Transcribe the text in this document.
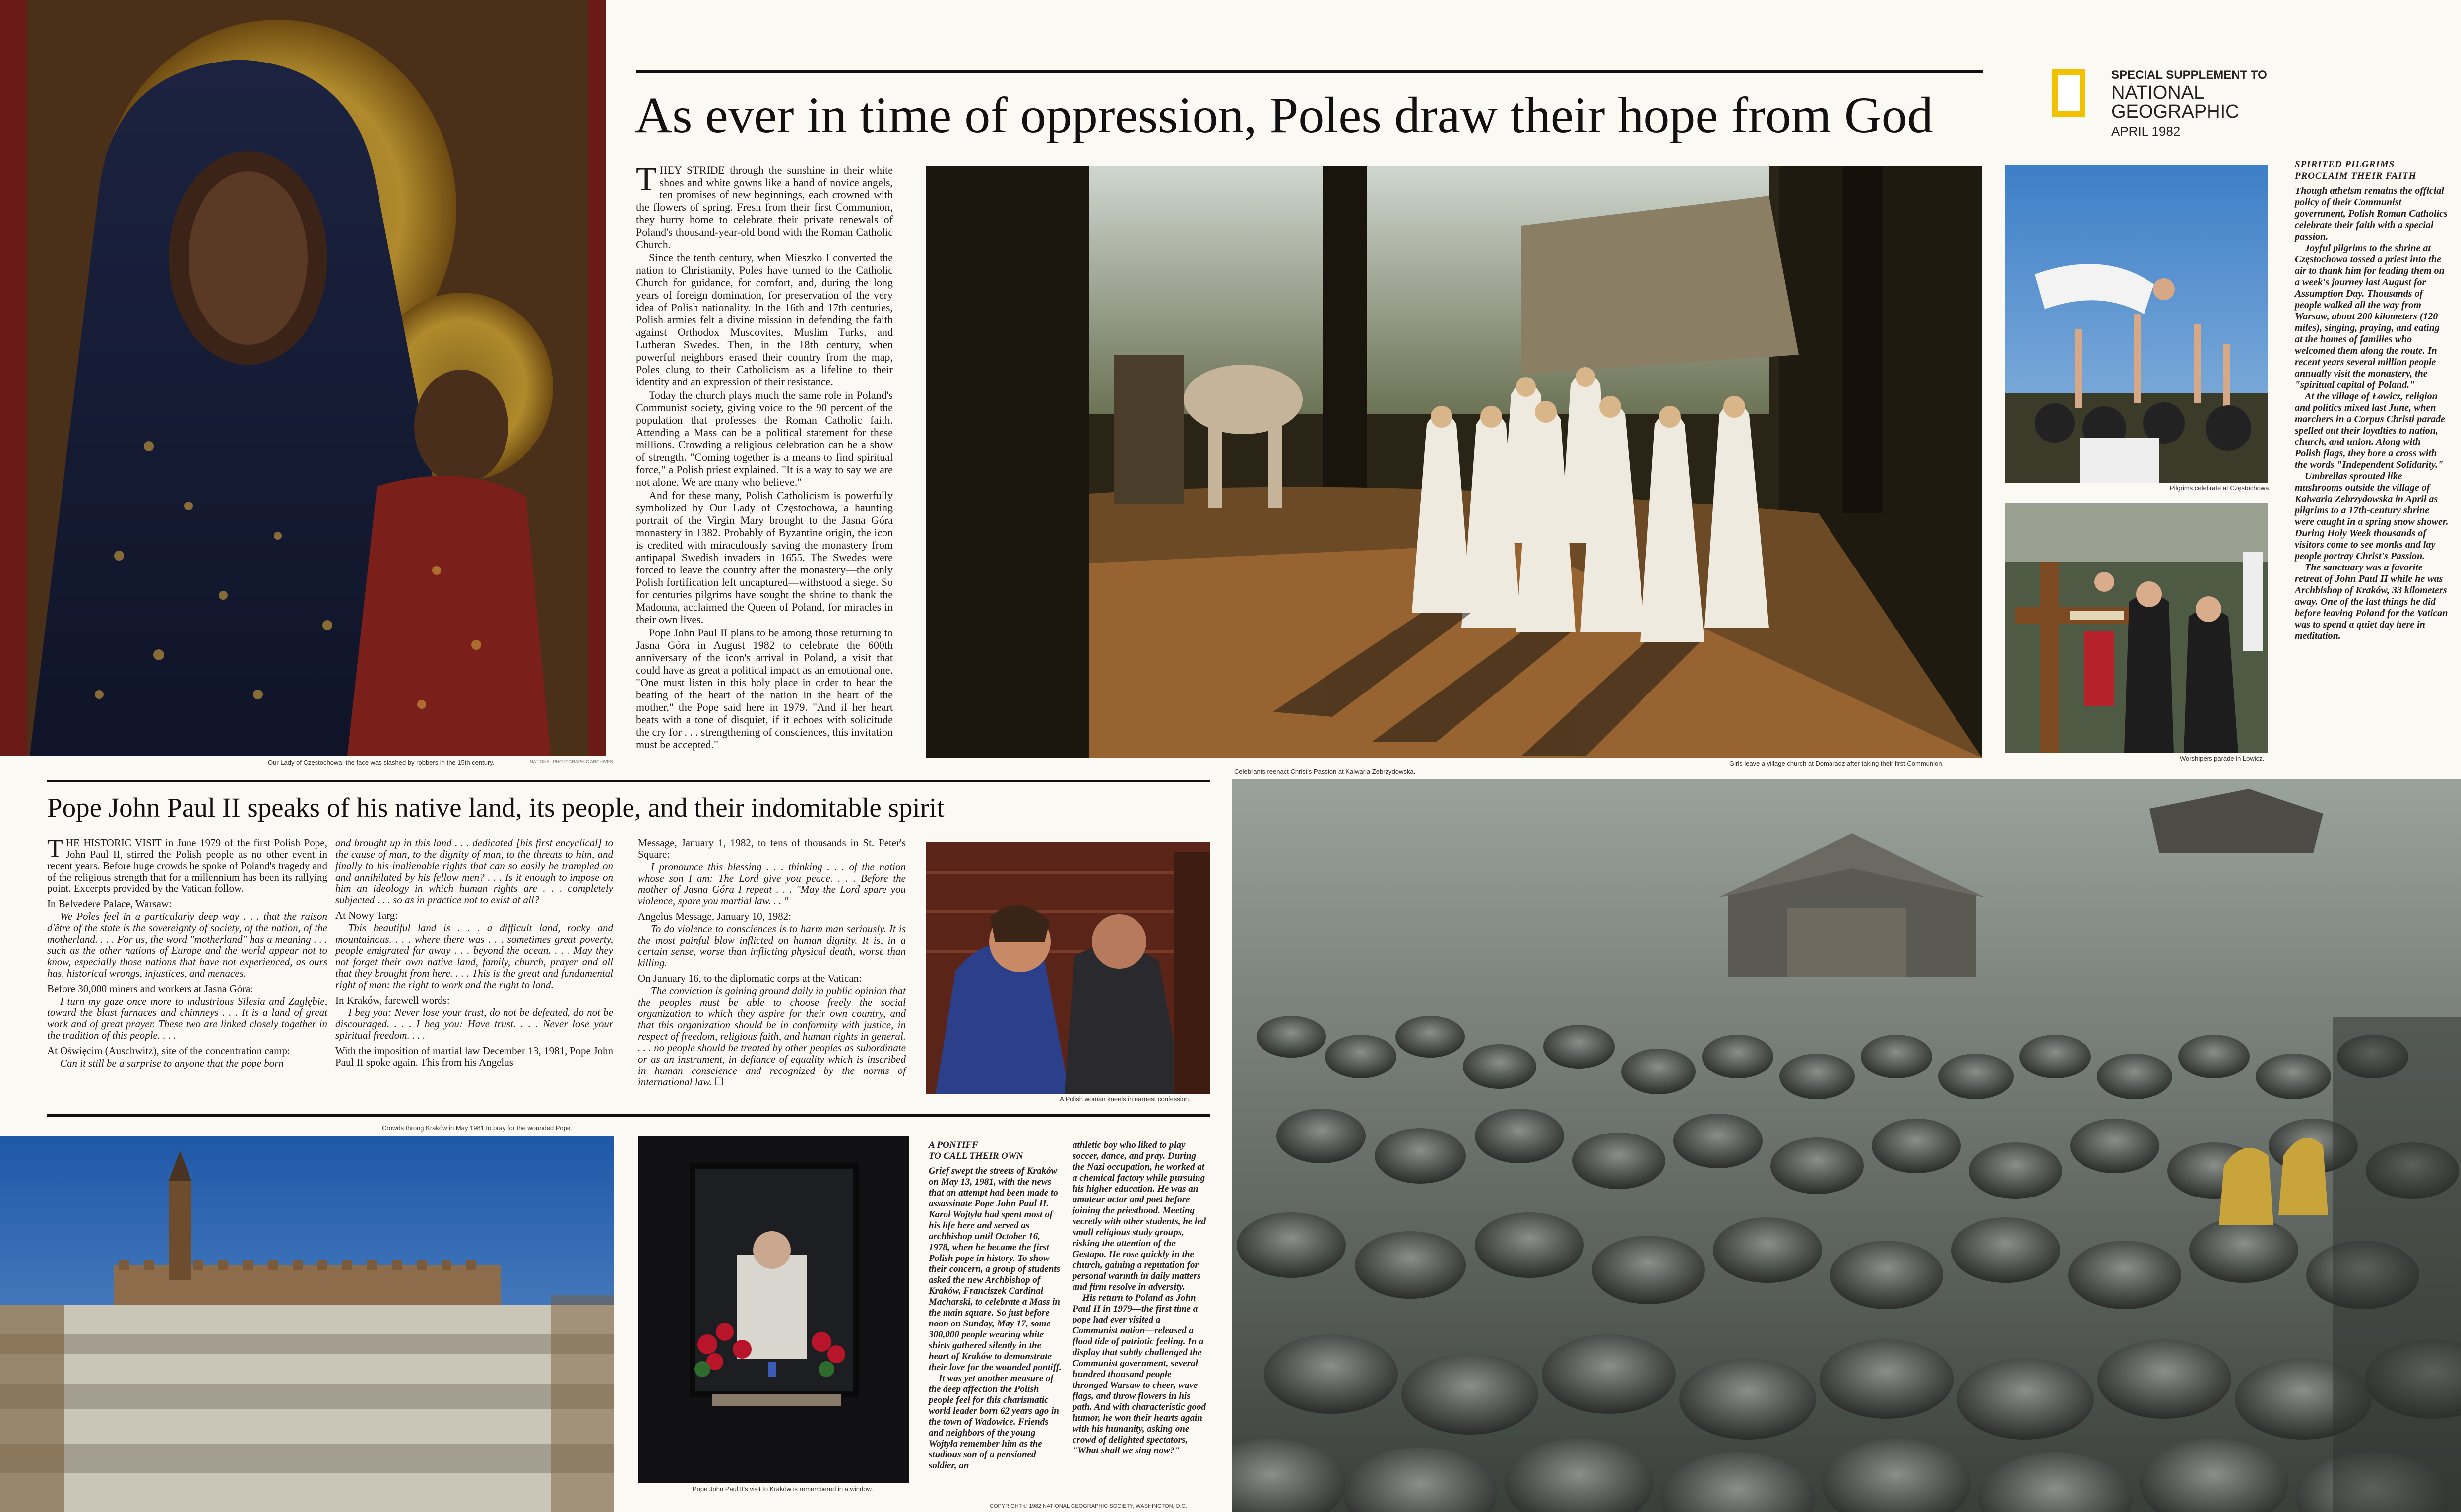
Our Lady of Częstochowa; the face was slashed by robbers in the 15th century.	NATIONAL PHOTOGRAPHIC ARCHIVES
As ever in time of oppression, Poles draw their hope from God

THEY STRIDE through the sunshine in their white shoes and white gowns like a band of novice angels, ten promises of new beginnings, each crowned with the flowers of spring. Fresh from their first Communion, they hurry home to celebrate their private renewals of Poland's thousand-year-old bond with the Roman Catholic Church.

Since the tenth century, when Mieszko I converted the nation to Christianity, Poles have turned to the Catholic Church for guidance, for comfort, and, during the long years of foreign domination, for preservation of the very idea of Polish nationality. In the 16th and 17th centuries, Polish armies felt a divine mission in defending the faith against Orthodox Muscovites, Muslim Turks, and Lutheran Swedes. Then, in the 18th century, when powerful neighbors erased their country from the map, Poles clung to their Catholicism as a lifeline to their identity and an expression of their resistance.

Today the church plays much the same role in Poland's Communist society, giving voice to the 90 percent of the population that professes the Roman Catholic faith. Attending a Mass can be a political statement for these millions. Crowding a religious celebration can be a show of strength. "Coming together is a means to find spiritual force," a Polish priest explained. "It is a way to say we are not alone. We are many who believe."

And for these many, Polish Catholicism is powerfully symbolized by Our Lady of Częstochowa, a haunting portrait of the Virgin Mary brought to the Jasna Góra monastery in 1382. Probably of Byzantine origin, the icon is credited with miraculously saving the monastery from antipapal Swedish invaders in 1655. The Swedes were forced to leave the country after the monastery—the only Polish fortification left uncaptured—withstood a siege. So for centuries pilgrims have sought the shrine to thank the Madonna, acclaimed the Queen of Poland, for miracles in their own lives.

Pope John Paul II plans to be among those returning to Jasna Góra in August 1982 to celebrate the 600th anniversary of the icon's arrival in Poland, a visit that could have as great a political impact as an emotional one. "One must listen in this holy place in order to hear the beating of the heart of the nation in the heart of the mother," the Pope said here in 1979. "And if her heart beats with a tone of disquiet, if it echoes with solicitude the cry for . . . strengthening of consciences, this invitation must be accepted."

Girls leave a village church at Domaradz after taking their first Communion.
SPECIAL SUPPLEMENT TO
NATIONAL
GEOGRAPHIC
APRIL 1982
Pilgrims celebrate at Częstochowa.
Worshipers parade in Łowicz.
SPIRITED PILGRIMS
PROCLAIM THEIR FAITH

Though atheism remains the official policy of their Communist government, Polish Roman Catholics celebrate their faith with a special passion.

Joyful pilgrims to the shrine at Częstochowa tossed a priest into the air to thank him for leading them on a week's journey last August for Assumption Day. Thousands of people walked all the way from Warsaw, about 200 kilometers (120 miles), singing, praying, and eating at the homes of families who welcomed them along the route. In recent years several million people annually visit the monastery, the "spiritual capital of Poland."

At the village of Łowicz, religion and politics mixed last June, when marchers in a Corpus Christi parade spelled out their loyalties to nation, church, and union. Along with Polish flags, they bore a cross with the words "Independent Solidarity."

Umbrellas sprouted like mushrooms outside the village of Kalwaria Zebrzydowska in April as pilgrims to a 17th-century shrine were caught in a spring snow shower. During Holy Week thousands of visitors come to see monks and lay people portray Christ's Passion.

The sanctuary was a favorite retreat of John Paul II while he was Archbishop of Kraków, 33 kilometers away. One of the last things he did before leaving Poland for the Vatican was to spend a quiet day here in meditation.

Celebrants reenact Christ's Passion at Kalwaria Zebrzydowska.
Pope John Paul II speaks of his native land, its people, and their indomitable spirit

THE HISTORIC VISIT in June 1979 of the first Polish Pope, John Paul II, stirred the Polish people as no other event in recent years. Before huge crowds he spoke of Poland's tragedy and of the religious strength that for a millennium has been its rallying point. Excerpts provided by the Vatican follow.

In Belvedere Palace, Warsaw:

We Poles feel in a particularly deep way . . . that the raison d'être of the state is the sovereignty of society, of the nation, of the motherland. . . . For us, the word "motherland" has a meaning . . . such as the other nations of Europe and the world appear not to know, especially those nations that have not experienced, as ours has, historical wrongs, injustices, and menaces.

Before 30,000 miners and workers at Jasna Góra:

I turn my gaze once more to industrious Silesia and Zagłębie, toward the blast furnaces and chimneys . . . It is a land of great work and of great prayer. These two are linked closely together in the tradition of this people. . . .

At Oświęcim (Auschwitz), site of the concentration camp:

Can it still be a surprise to anyone that the pope born

and brought up in this land . . . dedicated [his first encyclical] to the cause of man, to the dignity of man, to the threats to him, and finally to his inalienable rights that can so easily be trampled on and annihilated by his fellow men? . . . Is it enough to impose on him an ideology in which human rights are . . . completely subjected . . . so as in practice not to exist at all?

At Nowy Targ:

This beautiful land is . . . a difficult land, rocky and mountainous. . . . where there was . . . sometimes great poverty, people emigrated far away . . . beyond the ocean. . . . May they not forget their own native land, family, church, prayer and all that they brought from here. . . . This is the great and fundamental right of man: the right to work and the right to land.

In Kraków, farewell words:

I beg you: Never lose your trust, do not be defeated, do not be discouraged. . . . I beg you: Have trust. . . . Never lose your spiritual freedom. . . .

With the imposition of martial law December 13, 1981, Pope John Paul II spoke again. This from his Angelus

Message, January 1, 1982, to tens of thousands in St. Peter's Square:

I pronounce this blessing . . . thinking . . . of the nation whose son I am: The Lord give you peace. . . . Before the mother of Jasna Góra I repeat . . . "May the Lord spare you violence, spare you martial law. . . "

Angelus Message, January 10, 1982:

To do violence to consciences is to harm man seriously. It is the most painful blow inflicted on human dignity. It is, in a certain sense, worse than inflicting physical death, worse than killing.

On January 16, to the diplomatic corps at the Vatican:

The conviction is gaining ground daily in public opinion that the peoples must be able to choose freely the social organization to which they aspire for their own country, and that this organization should be in conformity with justice, in respect of freedom, religious faith, and human rights in general. . . . no people should be treated by other peoples as subordinate or as an instrument, in defiance of equality which is inscribed in human conscience and recognized by the norms of international law. ☐

A Polish woman kneels in earnest confession.
Crowds throng Kraków in May 1981 to pray for the wounded Pope.
Pope John Paul II's visit to Kraków is remembered in a window.
A PONTIFF
TO CALL THEIR OWN

Grief swept the streets of Kraków on May 13, 1981, with the news that an attempt had been made to assassinate Pope John Paul II. Karol Wojtyła had spent most of his life here and served as archbishop until October 16, 1978, when he became the first Polish pope in history. To show their concern, a group of students asked the new Archbishop of Kraków, Franciszek Cardinal Macharski, to celebrate a Mass in the main square. So just before noon on Sunday, May 17, some 300,000 people wearing white shirts gathered silently in the heart of Kraków to demonstrate their love for the wounded pontiff.

It was yet another measure of the deep affection the Polish people feel for this charismatic world leader born 62 years ago in the town of Wadowice. Friends and neighbors of the young Wojtyła remember him as the studious son of a pensioned soldier, an

athletic boy who liked to play soccer, dance, and pray. During the Nazi occupation, he worked at a chemical factory while pursuing his higher education. He was an amateur actor and poet before joining the priesthood. Meeting secretly with other students, he led small religious study groups, risking the attention of the Gestapo. He rose quickly in the church, gaining a reputation for personal warmth in daily matters and firm resolve in adversity.

His return to Poland as John Paul II in 1979—the first time a pope had ever visited a Communist nation—released a flood tide of patriotic feeling. In a display that subtly challenged the Communist government, several hundred thousand people thronged Warsaw to cheer, wave flags, and throw flowers in his path. And with characteristic good humor, he won their hearts again with his humanity, asking one crowd of delighted spectators, "What shall we sing now?"

COPYRIGHT © 1982 NATIONAL GEOGRAPHIC SOCIETY, WASHINGTON, D.C.
